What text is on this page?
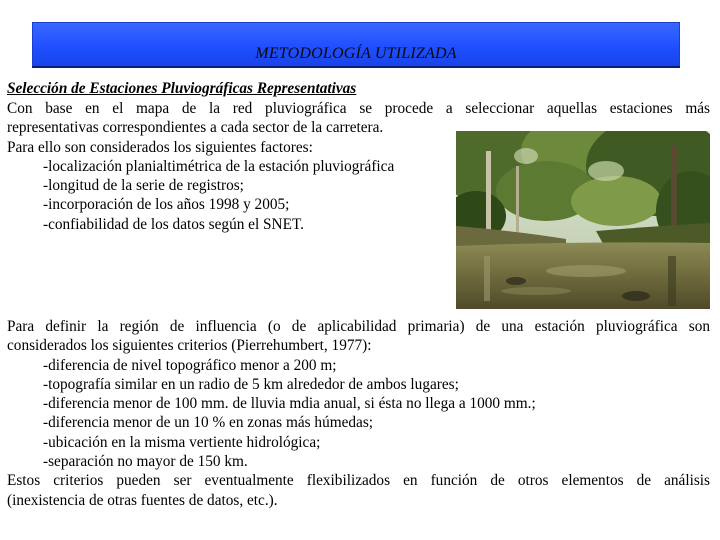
METODOLOGÍA UTILIZADA
Selección de Estaciones Pluviográficas Representativas
Con base en el mapa de la red pluviográfica se procede a seleccionar aquellas estaciones más
representativas correspondientes a cada sector de la carretera.
Para ello son considerados los siguientes factores:
-localización planialtimétrica de la estación pluviográfica
-longitud de la serie de registros;
-incorporación de los años 1998 y 2005;
-confiabilidad de los datos según el SNET.
Para definir la región de influencia (o de aplicabilidad primaria) de una estación pluviográfica son
considerados los siguientes criterios (Pierrehumbert, 1977):
-diferencia de nivel topográfico menor a 200 m;
-topografía similar en un radio de 5 km alrededor de ambos lugares;
-diferencia menor de 100 mm. de lluvia mdia anual, si ésta no llega a 1000 mm.;
-diferencia menor de un 10 % en zonas más húmedas;
-ubicación en la misma vertiente hidrológica;
-separación no mayor de 150 km.
Estos criterios pueden ser eventualmente flexibilizados en función de otros elementos de análisis
(inexistencia de otras fuentes de datos, etc.).
